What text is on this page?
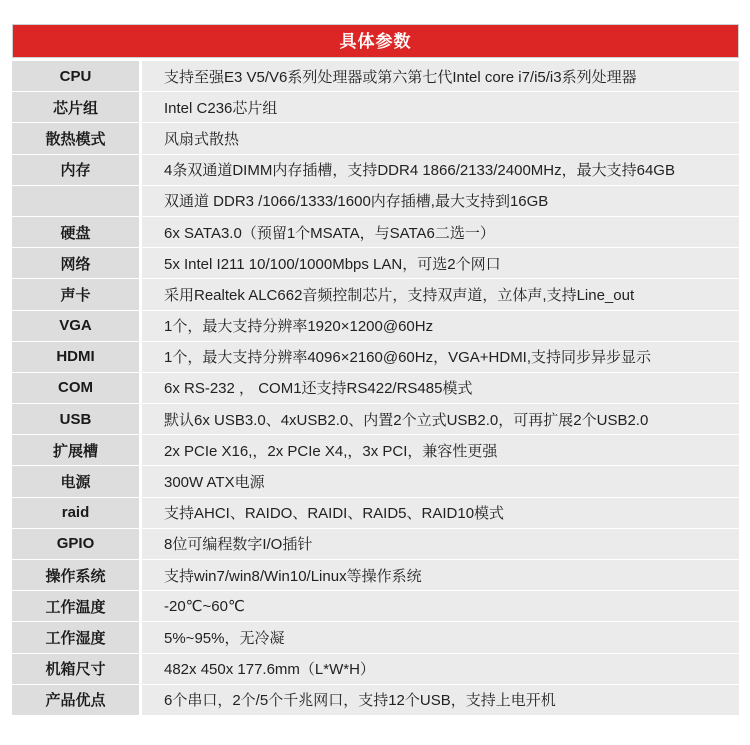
具体参数
CPU	支持至强E3 V5/V6系列处理器或第六第七代Intel core i7/i5/i3系列处理器
芯片组	Intel C236芯片组
散热模式	风扇式散热
内存	4条双通道DIMM内存插槽，支持DDR4 1866/2133/2400MHz，最大支持64GB
	双通道 DDR3 /1066/1333/1600内存插槽,最大支持到16GB
硬盘	6x SATA3.0（预留1个MSATA，与SATA6二选一）
网络	5x Intel I211 10/100/1000Mbps LAN，可选2个网口
声卡	采用Realtek ALC662音频控制芯片，支持双声道，立体声,支持Line_out
VGA	1个，最大支持分辨率1920×1200@60Hz
HDMI	1个，最大支持分辨率4096×2160@60Hz，VGA+HDMI,支持同步异步显示
COM	6x RS-232 ， COM1还支持RS422/RS485模式
USB	默认6x USB3.0、4xUSB2.0、内置2个立式USB2.0，可再扩展2个USB2.0
扩展槽	2x PCIe X16,，2x PCIe X4,，3x PCI，兼容性更强
电源	300W ATX电源
raid	支持AHCI、RAIDO、RAIDI、RAID5、RAID10模式
GPIO	8位可编程数字I/O插针
操作系统	支持win7/win8/Win10/Linux等操作系统
工作温度	-20℃~60℃
工作湿度	5%~95%，无冷凝
机箱尺寸	482x 450x 177.6mm（L*W*H）
产品优点	6个串口，2个/5个千兆网口，支持12个USB，支持上电开机
